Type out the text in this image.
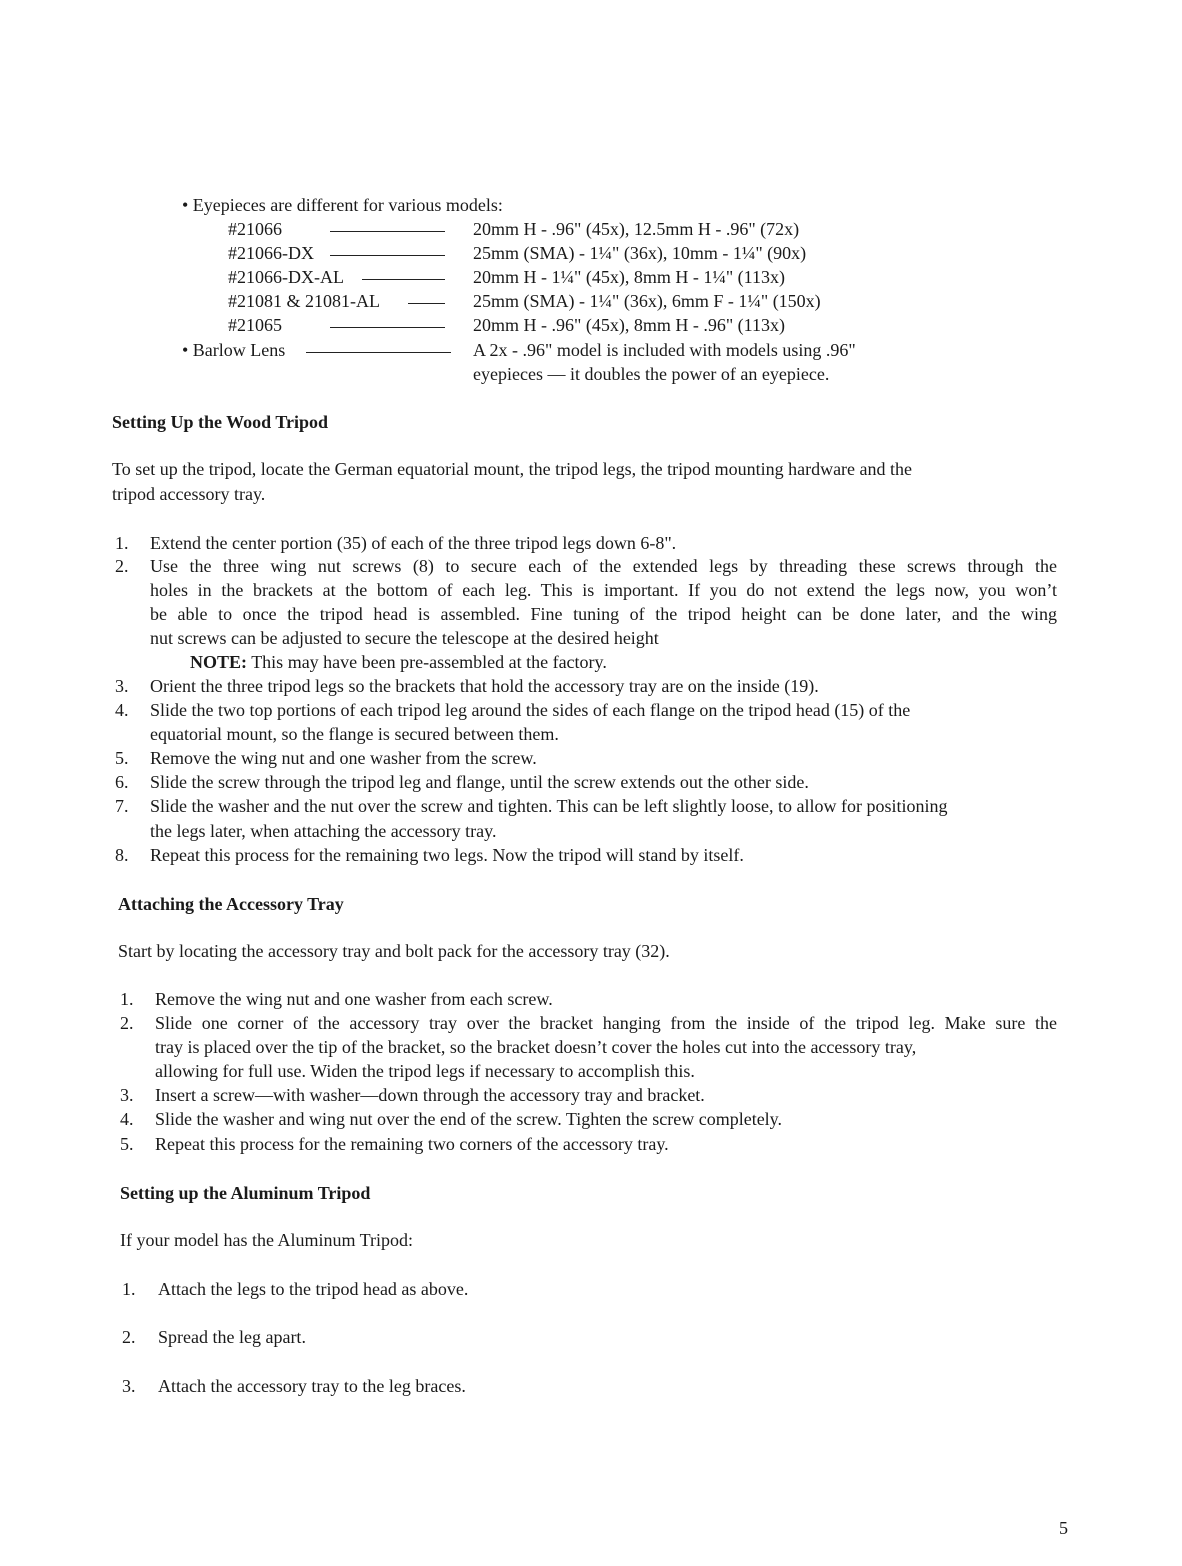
• Eyepieces are different for various models:
#21066	20mm H - .96" (45x), 12.5mm H - .96" (72x)
#21066-DX	25mm (SMA) - 1¼" (36x), 10mm - 1¼" (90x)
#21066-DX-AL	20mm H - 1¼" (45x), 8mm H - 1¼" (113x)
#21081 & 21081-AL	25mm (SMA) - 1¼" (36x), 6mm F - 1¼" (150x)
#21065	20mm H - .96" (45x), 8mm H - .96" (113x)
• Barlow Lens	A 2x - .96" model is included with models using .96"
eyepieces — it doubles the power of an eyepiece.
Setting Up the Wood Tripod
To set up the tripod, locate the German equatorial mount, the tripod legs, the tripod mounting hardware and the
tripod accessory tray.
1. Extend the center portion (35) of each of the three tripod legs down 6-8".
2. Use the three wing nut screws (8) to secure each of the extended legs by threading these screws through the
holes in the brackets at the bottom of each leg. This is important. If you do not extend the legs now, you won’t
be able to once the tripod head is assembled. Fine tuning of the tripod height can be done later, and the wing
nut screws can be adjusted to secure the telescope at the desired height
NOTE: This may have been pre-assembled at the factory.
3. Orient the three tripod legs so the brackets that hold the accessory tray are on the inside (19).
4. Slide the two top portions of each tripod leg around the sides of each flange on the tripod head (15) of the
equatorial mount, so the flange is secured between them.
5. Remove the wing nut and one washer from the screw.
6. Slide the screw through the tripod leg and flange, until the screw extends out the other side.
7. Slide the washer and the nut over the screw and tighten. This can be left slightly loose, to allow for positioning
the legs later, when attaching the accessory tray.
8. Repeat this process for the remaining two legs. Now the tripod will stand by itself.
Attaching the Accessory Tray
Start by locating the accessory tray and bolt pack for the accessory tray (32).
1. Remove the wing nut and one washer from each screw.
2. Slide one corner of the accessory tray over the bracket hanging from the inside of the tripod leg. Make sure the
tray is placed over the tip of the bracket, so the bracket doesn’t cover the holes cut into the accessory tray,
allowing for full use. Widen the tripod legs if necessary to accomplish this.
3. Insert a screw—with washer—down through the accessory tray and bracket.
4. Slide the washer and wing nut over the end of the screw. Tighten the screw completely.
5. Repeat this process for the remaining two corners of the accessory tray.
Setting up the Aluminum Tripod
If your model has the Aluminum Tripod:
1. Attach the legs to the tripod head as above.
2. Spread the leg apart.
3. Attach the accessory tray to the leg braces.
5
